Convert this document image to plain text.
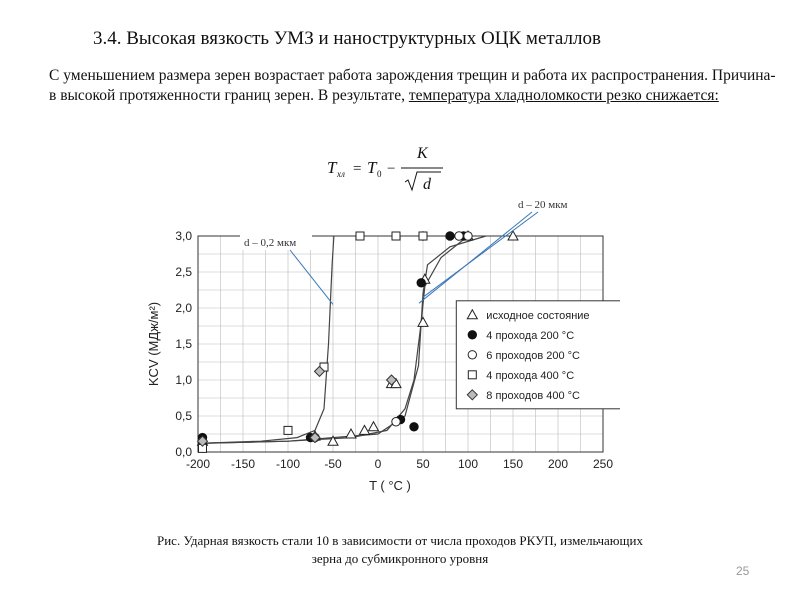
3.4. Высокая вязкость УМЗ и наноструктурных ОЦК металлов
С уменьшением размера зерен возрастает работа зарождения трещин и работа их распространения. Причина- в высокой протяженности границ зерен. В результате, температура хладноломкости резко снижается:
T хл = T 0 −
K
d
-200 -150 -100 -50	0	50 100 150 200 250
0,0
0,5
1,0
1,5
2,0
2,5
3,0
KCV (МДж/м²)
T ( °C )
исходное состояние
4 прохода 200 °С
6 проходов 200 °С
4 прохода 400 °С
8 проходов 400 °С
d – 0,2 мкм
d – 20 мкм
Рис. Ударная вязкость стали 10 в зависимости от числа проходов РКУП, измельчающих
зерна до субмикронного уровня
25
